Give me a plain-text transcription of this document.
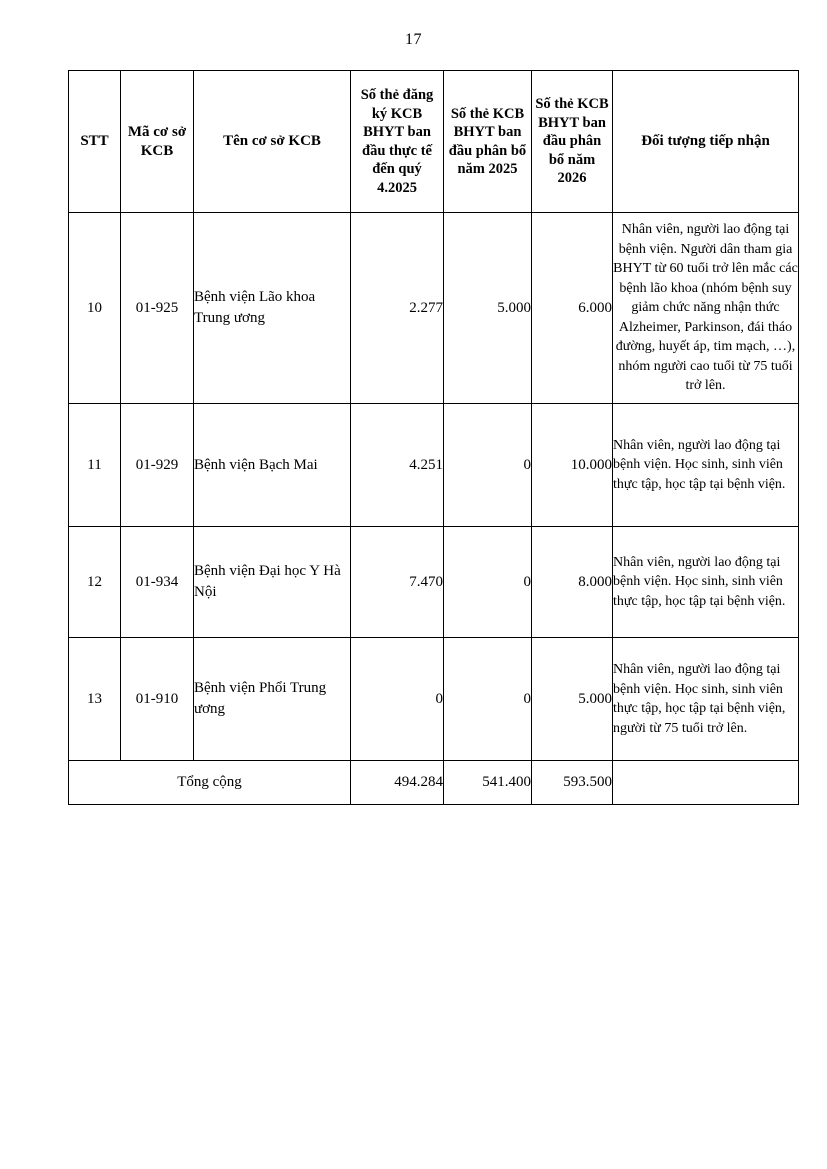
17
STT	Mã cơ sở KCB	Tên cơ sở KCB	Số thẻ đăng ký KCB BHYT ban đầu thực tế đến quý 4.2025	Số thẻ KCB BHYT ban đầu phân bổ năm 2025	Số thẻ KCB BHYT ban đầu phân bổ năm 2026	Đối tượng tiếp nhận
10	01-925	Bệnh viện Lão khoa Trung ương	2.277	5.000	6.000	Nhân viên, người lao động tại bệnh viện. Người dân tham gia BHYT từ 60 tuổi trở lên mắc các bệnh lão khoa (nhóm bệnh suy giảm chức năng nhận thức Alzheimer, Parkinson, đái tháo đường, huyết áp, tim mạch, …), nhóm người cao tuổi từ 75 tuổi trở lên.
11	01-929	Bệnh viện Bạch Mai	4.251	0	10.000	Nhân viên, người lao động tại bệnh viện. Học sinh, sinh viên thực tập, học tập tại bệnh viện.
12	01-934	Bệnh viện Đại học Y Hà Nội	7.470	0	8.000	Nhân viên, người lao động tại bệnh viện. Học sinh, sinh viên thực tập, học tập tại bệnh viện.
13	01-910	Bệnh viện Phổi Trung ương	0	0	5.000	Nhân viên, người lao động tại bệnh viện. Học sinh, sinh viên thực tập, học tập tại bệnh viện, người từ 75 tuổi trở lên.
Tổng cộng			494.284	541.400	593.500	
